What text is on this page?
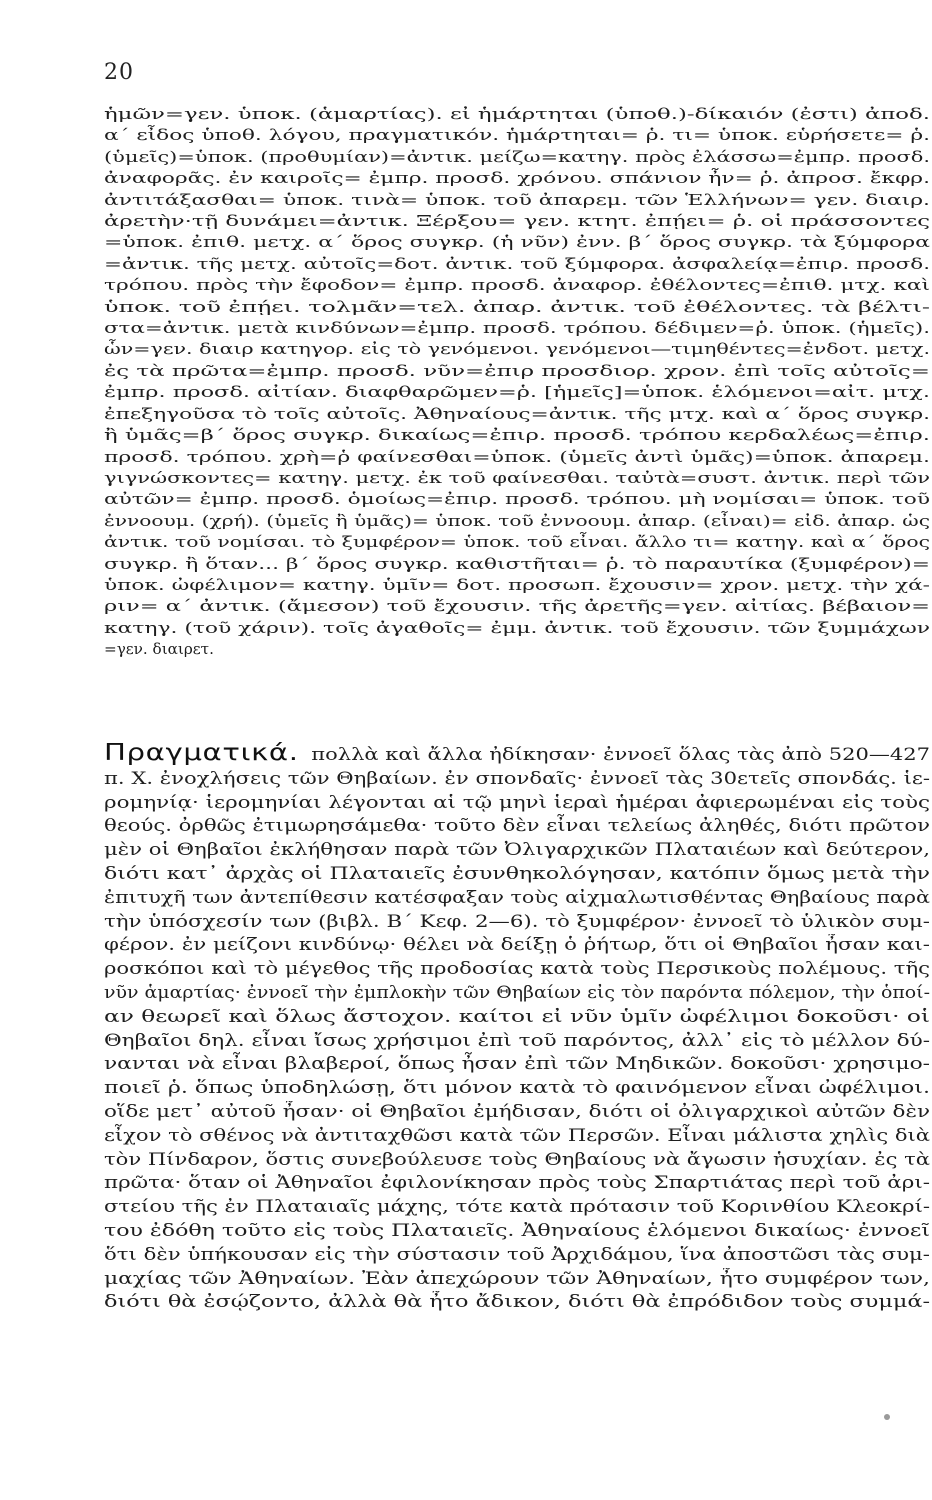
20
ἡμῶν=γεν. ὑποκ. (ἁμαρτίας). εἰ ἡμάρτηται (ὑποθ.)-δίκαιόν (ἐστι) ἀποδ.
α΄ εἶδος ὑποθ. λόγου, πραγματικόν. ἡμάρτηται= ῥ. τι= ὑποκ. εὑρήσετε= ῥ.
(ὑμεῖς)=ὑποκ. (προθυμίαν)=ἀντικ. μείζω=κατηγ. πρὸς ἐλάσσω=ἐμπρ. προσδ.
ἀναφορᾶς. ἐν καιροῖς= ἐμπρ. προσδ. χρόνου. σπάνιον ἦν= ῥ. ἀπροσ. ἔκφρ.
ἀντιτάξασθαι= ὑποκ. τινὰ= ὑποκ. τοῦ ἀπαρεμ. τῶν Ἑλλήνων= γεν. διαιρ.
ἀρετὴν·τῇ δυνάμει=ἀντικ. Ξέρξου= γεν. κτητ. ἐπῄει= ῥ. οἱ πράσσοντες
=ὑποκ. ἐπιθ. μετχ. α΄ ὅρος συγκρ. (ἡ νῦν) ἐνν. β΄ ὅρος συγκρ. τὰ ξύμφορα
=ἀντικ. τῆς μετχ. αὐτοῖς=δοτ. ἀντικ. τοῦ ξύμφορα. ἀσφαλείᾳ=ἐπιρ. προσδ.
τρόπου. πρὸς τὴν ἔφοδον= ἐμπρ. προσδ. ἀναφορ. ἐθέλοντες=ἐπιθ. μτχ. καὶ
ὑποκ. τοῦ ἐπῄει. τολμᾶν=τελ. ἀπαρ. ἀντικ. τοῦ ἐθέλοντες. τὰ βέλτι-
στα=ἀντικ. μετὰ κινδύνων=ἐμπρ. προσδ. τρόπου. δέδιμεν=ῥ. ὑποκ. (ἡμεῖς).
ὧν=γεν. διαιρ κατηγορ. εἰς τὸ γενόμενοι. γενόμενοι—τιμηθέντες=ἐνδοτ. μετχ.
ἐς τὰ πρῶτα=ἐμπρ. προσδ. νῦν=ἐπιρ προσδιορ. χρον. ἐπὶ τοῖς αὐτοῖς=
ἐμπρ. προσδ. αἰτίαν. διαφθαρῶμεν=ῥ. [ἡμεῖς]=ὑποκ. ἑλόμενοι=αἰτ. μτχ.
ἐπεξηγοῦσα τὸ τοῖς αὐτοῖς. Ἀθηναίους=ἀντικ. τῆς μτχ. καὶ α΄ ὅρος συγκρ.
ἢ ὑμᾶς=β΄ ὅρος συγκρ. δικαίως=ἐπιρ. προσδ. τρόπου κερδαλέως=ἐπιρ.
προσδ. τρόπου. χρὴ=ῥ φαίνεσθαι=ὑποκ. (ὑμεῖς ἀντὶ ὑμᾶς)=ὑποκ. ἀπαρεμ.
γιγνώσκοντες= κατηγ. μετχ. ἐκ τοῦ φαίνεσθαι. ταὐτὰ=συστ. ἀντικ. περὶ τῶν
αὐτῶν= ἐμπρ. προσδ. ὁμοίως=ἐπιρ. προσδ. τρόπου. μὴ νομίσαι= ὑποκ. τοῦ
ἐννοουμ. (χρή). (ὑμεῖς ἢ ὑμᾶς)= ὑποκ. τοῦ ἐννοουμ. ἀπαρ. (εἶναι)= εἰδ. ἀπαρ. ὡς
ἀντικ. τοῦ νομίσαι. τὸ ξυμφέρον= ὑποκ. τοῦ εἶναι. ἄλλο τι= κατηγ. καὶ α΄ ὅρος
συγκρ. ἢ ὅταν... β΄ ὅρος συγκρ. καθιστῆται= ῥ. τὸ παραυτίκα (ξυμφέρον)=
ὑποκ. ὠφέλιμον= κατηγ. ὑμῖν= δοτ. προσωπ. ἔχουσιν= χρον. μετχ. τὴν χά-
ριν= α΄ ἀντικ. (ἄμεσον) τοῦ ἔχουσιν. τῆς ἀρετῆς=γεν. αἰτίας. βέβαιον=
κατηγ. (τοῦ χάριν). τοῖς ἀγαθοῖς= ἐμμ. ἀντικ. τοῦ ἔχουσιν. τῶν ξυμμάχων
=γεν. διαιρετ.
Πραγματικά. πολλὰ καὶ ἄλλα ἠδίκησαν· ἐννοεῖ ὅλας τὰς ἀπὸ 520—427
π. Χ. ἐνοχλήσεις τῶν Θηβαίων. ἐν σπονδαῖς· ἐννοεῖ τὰς 30ετεῖς σπονδάς. ἱε-
ρομηνίᾳ· ἱερομηνίαι λέγονται αἱ τῷ μηνὶ ἱεραὶ ἡμέραι ἀφιερωμέναι εἰς τοὺς
θεούς. ὀρθῶς ἐτιμωρησάμεθα· τοῦτο δὲν εἶναι τελείως ἀληθές, διότι πρῶτον
μὲν οἱ Θηβαῖοι ἐκλήθησαν παρὰ τῶν Ὀλιγαρχικῶν Πλαταιέων καὶ δεύτερον,
διότι κατ᾽ ἀρχὰς οἱ Πλαταιεῖς ἐσυνθηκολόγησαν, κατόπιν ὅμως μετὰ τὴν
ἐπιτυχῆ των ἀντεπίθεσιν κατέσφαξαν τοὺς αἰχμαλωτισθέντας Θηβαίους παρὰ
τὴν ὑπόσχεσίν των (βιβλ. Β΄ Κεφ. 2—6). τὸ ξυμφέρον· ἐννοεῖ τὸ ὑλικὸν συμ-
φέρον. ἐν μείζονι κινδύνῳ· θέλει νὰ δείξῃ ὁ ῥήτωρ, ὅτι οἱ Θηβαῖοι ἦσαν και-
ροσκόποι καὶ τὸ μέγεθος τῆς προδοσίας κατὰ τοὺς Περσικοὺς πολέμους. τῆς
νῦν ἁμαρτίας· ἐννοεῖ τὴν ἐμπλοκὴν τῶν Θηβαίων εἰς τὸν παρόντα πόλεμον, τὴν ὁποί-
αν θεωρεῖ καὶ ὅλως ἄστοχον. καίτοι εἰ νῦν ὑμῖν ὠφέλιμοι δοκοῦσι· οἱ
Θηβαῖοι δηλ. εἶναι ἴσως χρήσιμοι ἐπὶ τοῦ παρόντος, ἀλλ᾽ εἰς τὸ μέλλον δύ-
νανται νὰ εἶναι βλαβεροί, ὅπως ἦσαν ἐπὶ τῶν Μηδικῶν. δοκοῦσι· χρησιμο-
ποιεῖ ῥ. ὅπως ὑποδηλώσῃ, ὅτι μόνον κατὰ τὸ φαινόμενον εἶναι ὠφέλιμοι.
οἵδε μετ᾽ αὐτοῦ ἦσαν· οἱ Θηβαῖοι ἐμήδισαν, διότι οἱ ὀλιγαρχικοὶ αὐτῶν δὲν
εἶχον τὸ σθένος νὰ ἀντιταχθῶσι κατὰ τῶν Περσῶν. Εἶναι μάλιστα χηλὶς διὰ
τὸν Πίνδαρον, ὅστις συνεβούλευσε τοὺς Θηβαίους νὰ ἄγωσιν ἡσυχίαν. ἐς τὰ
πρῶτα· ὅταν οἱ Ἀθηναῖοι ἐφιλονίκησαν πρὸς τοὺς Σπαρτιάτας περὶ τοῦ ἀρι-
στείου τῆς ἐν Πλαταιαῖς μάχης, τότε κατὰ πρότασιν τοῦ Κορινθίου Κλεοκρί-
του ἐδόθη τοῦτο εἰς τοὺς Πλαταιεῖς. Ἀθηναίους ἑλόμενοι δικαίως· ἐννοεῖ
ὅτι δὲν ὑπήκουσαν εἰς τὴν σύστασιν τοῦ Ἀρχιδάμου, ἵνα ἀποστῶσι τὰς συμ-
μαχίας τῶν Ἀθηναίων. Ἐὰν ἀπεχώρουν τῶν Ἀθηναίων, ἦτο συμφέρον των,
διότι θὰ ἐσῴζοντο, ἀλλὰ θὰ ἦτο ἄδικον, διότι θὰ ἐπρόδιδον τοὺς συμμά-
